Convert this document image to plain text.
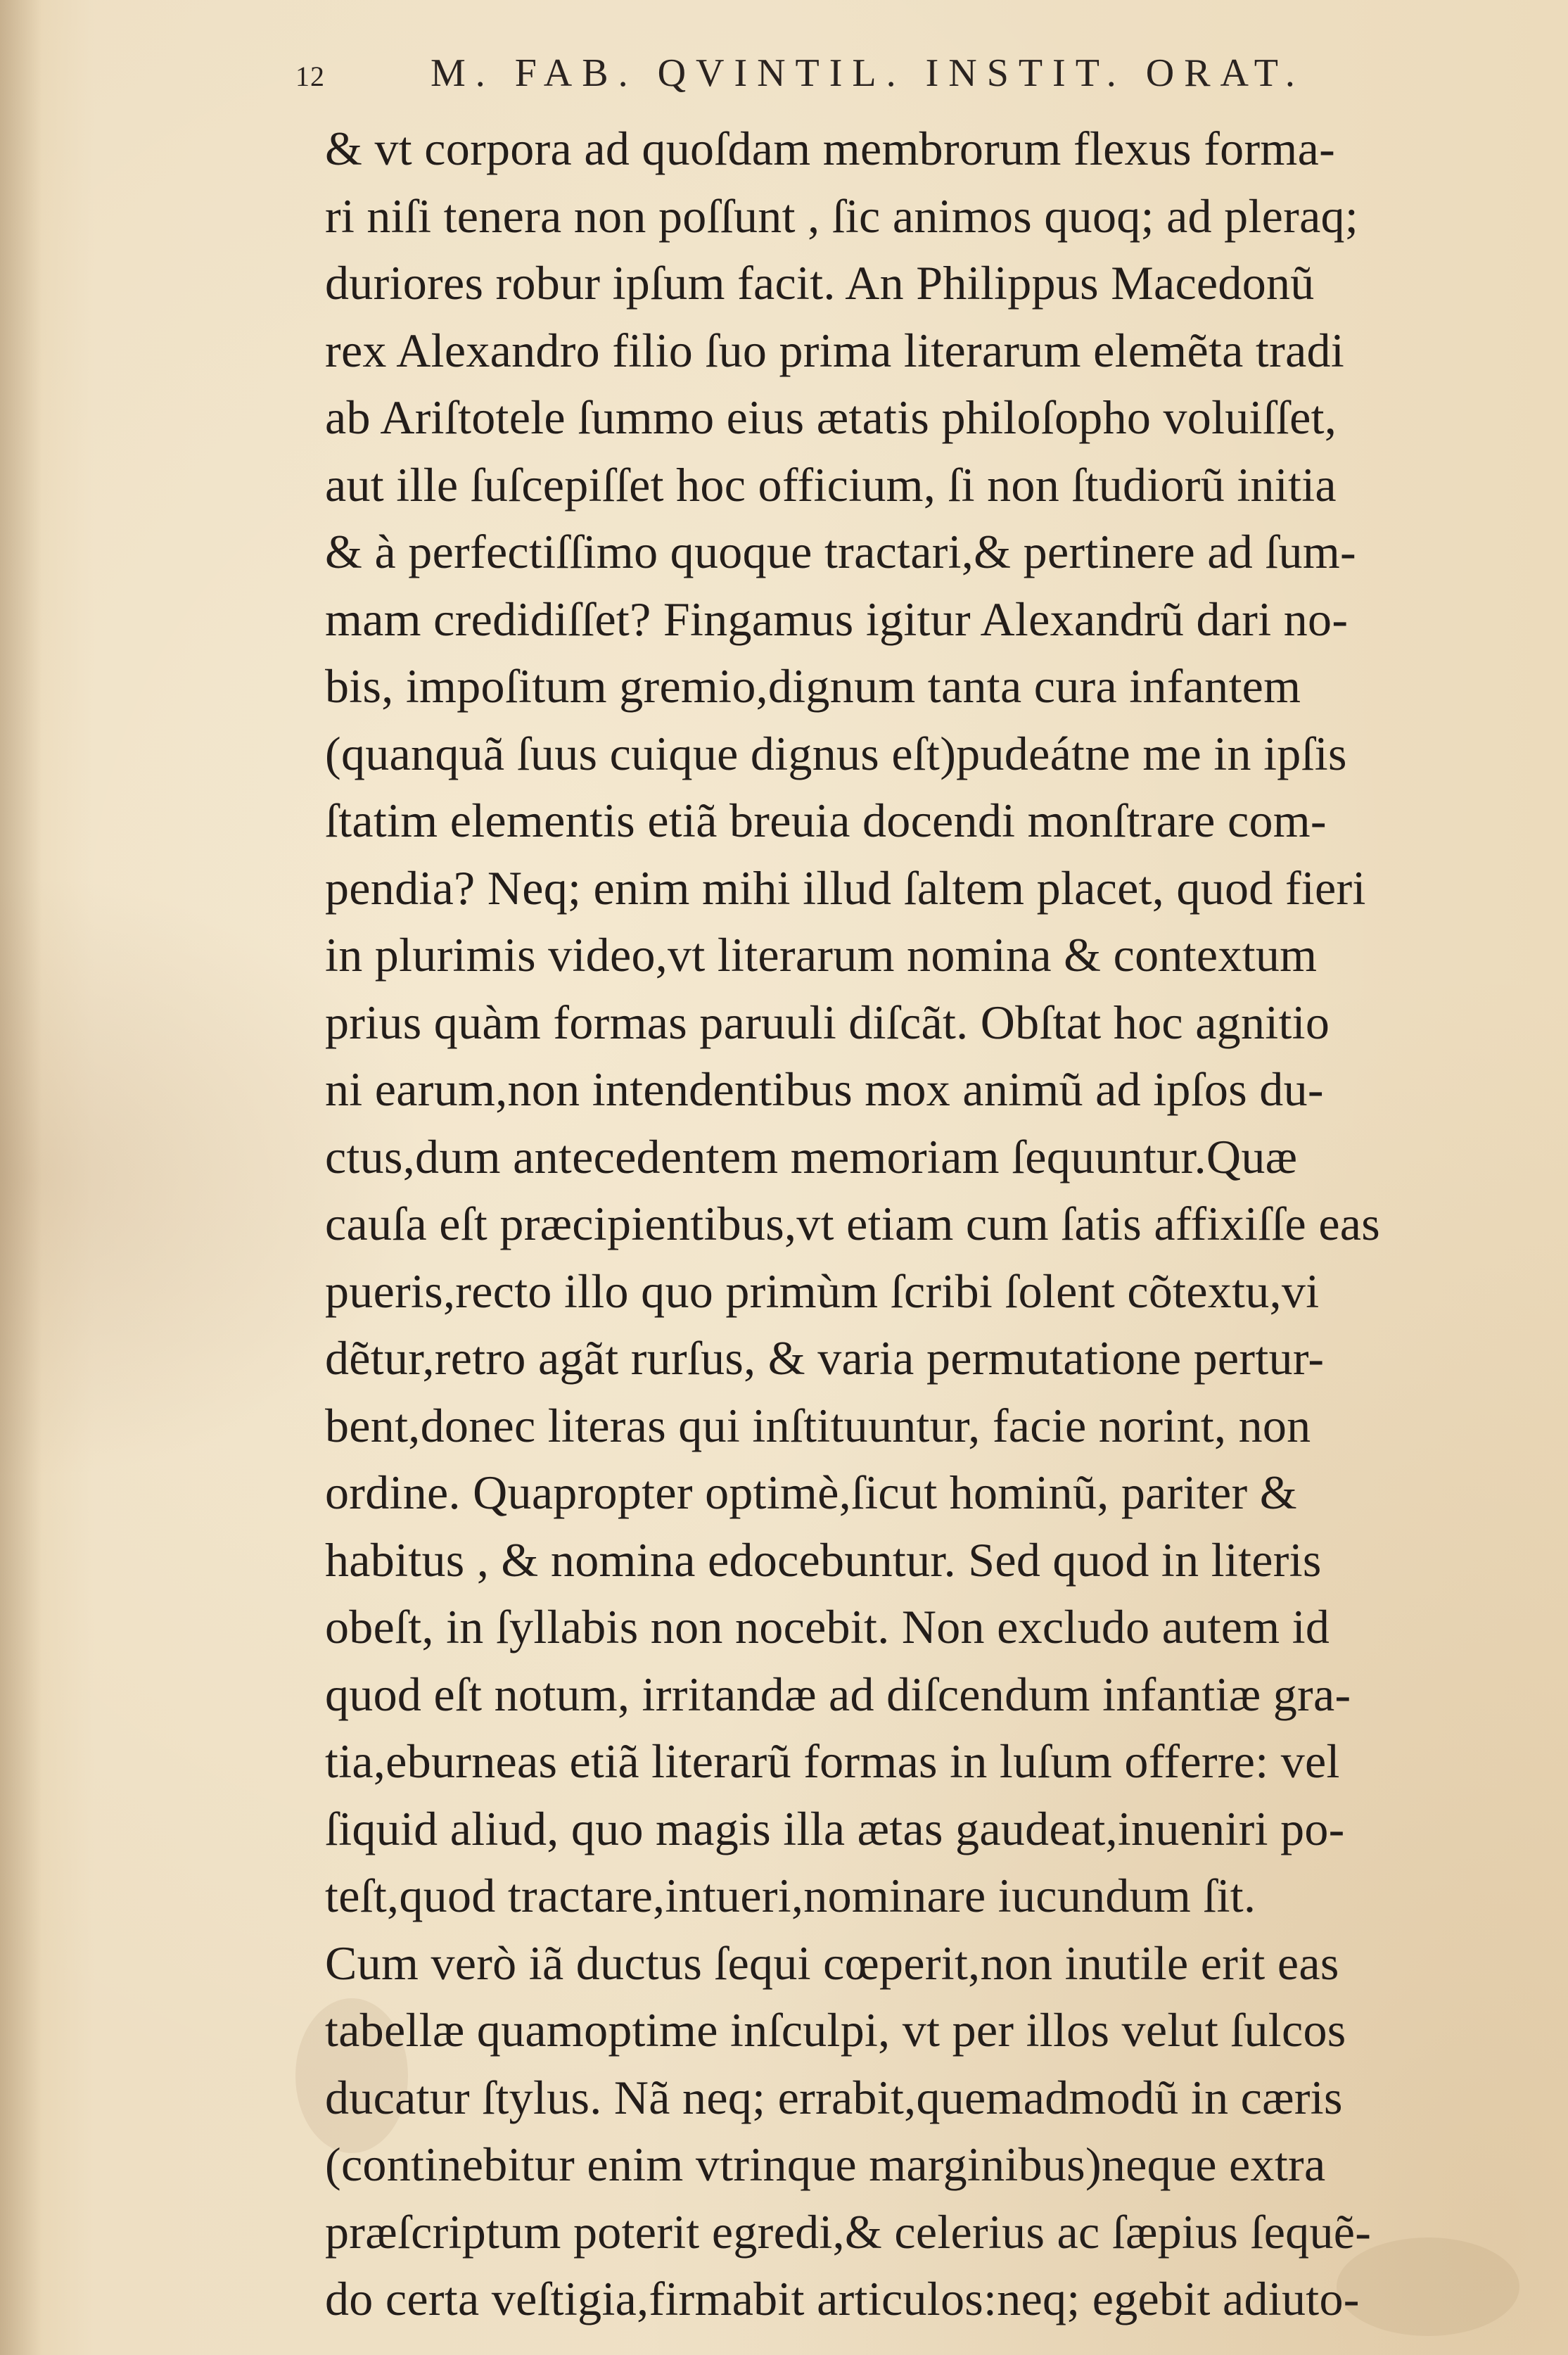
12	M. FAB. QVINTIL. INSTIT. ORAT.
& vt corpora ad quoſdam membrorum flexus forma-
ri niſi tenera non poſſunt , ſic animos quoq; ad pleraq;
duriores robur ipſum facit. An Philippus Macedonũ
rex Alexandro filio ſuo prima literarum elemẽta tradi
ab Ariſtotele ſummo eius ætatis philoſopho voluiſſet,
aut ille ſuſcepiſſet hoc officium, ſi non ſtudiorũ initia
& à perfectiſſimo quoque tractari,& pertinere ad ſum-
mam credidiſſet? Fingamus igitur Alexandrũ dari no-
bis, impoſitum gremio,dignum tanta cura infantem
(quanquã ſuus cuique dignus eſt)pudeátne me in ipſis
ſtatim elementis etiã breuia docendi monſtrare com-
pendia? Neq; enim mihi illud ſaltem placet, quod fieri
in plurimis video,vt literarum nomina & contextum
prius quàm formas paruuli diſcãt. Obſtat hoc agnitio
ni earum,non intendentibus mox animũ ad ipſos du-
ctus,dum antecedentem memoriam ſequuntur.Quæ
cauſa eſt præcipientibus,vt etiam cum ſatis affixiſſe eas
pueris,recto illo quo primùm ſcribi ſolent cõtextu,vi
dẽtur,retro agãt rurſus, & varia permutatione pertur-
bent,donec literas qui inſtituuntur, facie norint, non
ordine. Quapropter optimè,ſicut hominũ, pariter &
habitus , & nomina edocebuntur. Sed quod in literis
obeſt, in ſyllabis non nocebit. Non excludo autem id
quod eſt notum, irritandæ ad diſcendum infantiæ gra-
tia,eburneas etiã literarũ formas in luſum offerre: vel
ſiquid aliud, quo magis illa ætas gaudeat,inueniri po-
teſt,quod tractare,intueri,nominare iucundum ſit.
Cum verò iã ductus ſequi cœperit,non inutile erit eas
tabellæ quamoptime inſculpi, vt per illos velut ſulcos
ducatur ſtylus. Nã neq; errabit,quemadmodũ in cæris
(continebitur enim vtrinque marginibus)neque extra
præſcriptum poterit egredi,& celerius ac ſæpius ſequẽ-
do certa veſtigia,firmabit articulos:neq; egebit adiuto-
